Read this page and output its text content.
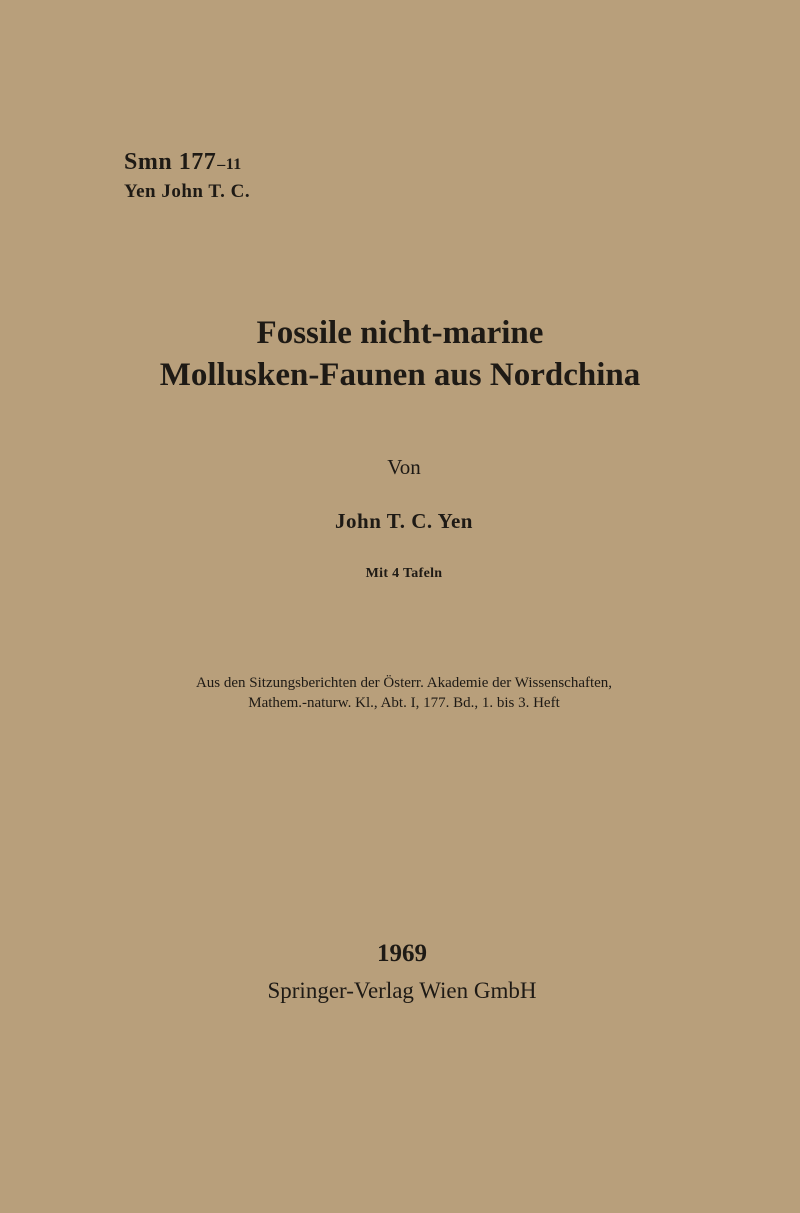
Smn 177–11
Yen John T. C.
Fossile nicht-marine
Mollusken-Faunen aus Nordchina
Von
John T. C. Yen
Mit 4 Tafeln
Aus den Sitzungsberichten der Österr. Akademie der Wissenschaften,
Mathem.-naturw. Kl., Abt. I, 177. Bd., 1. bis 3. Heft
1969
Springer-Verlag Wien GmbH
